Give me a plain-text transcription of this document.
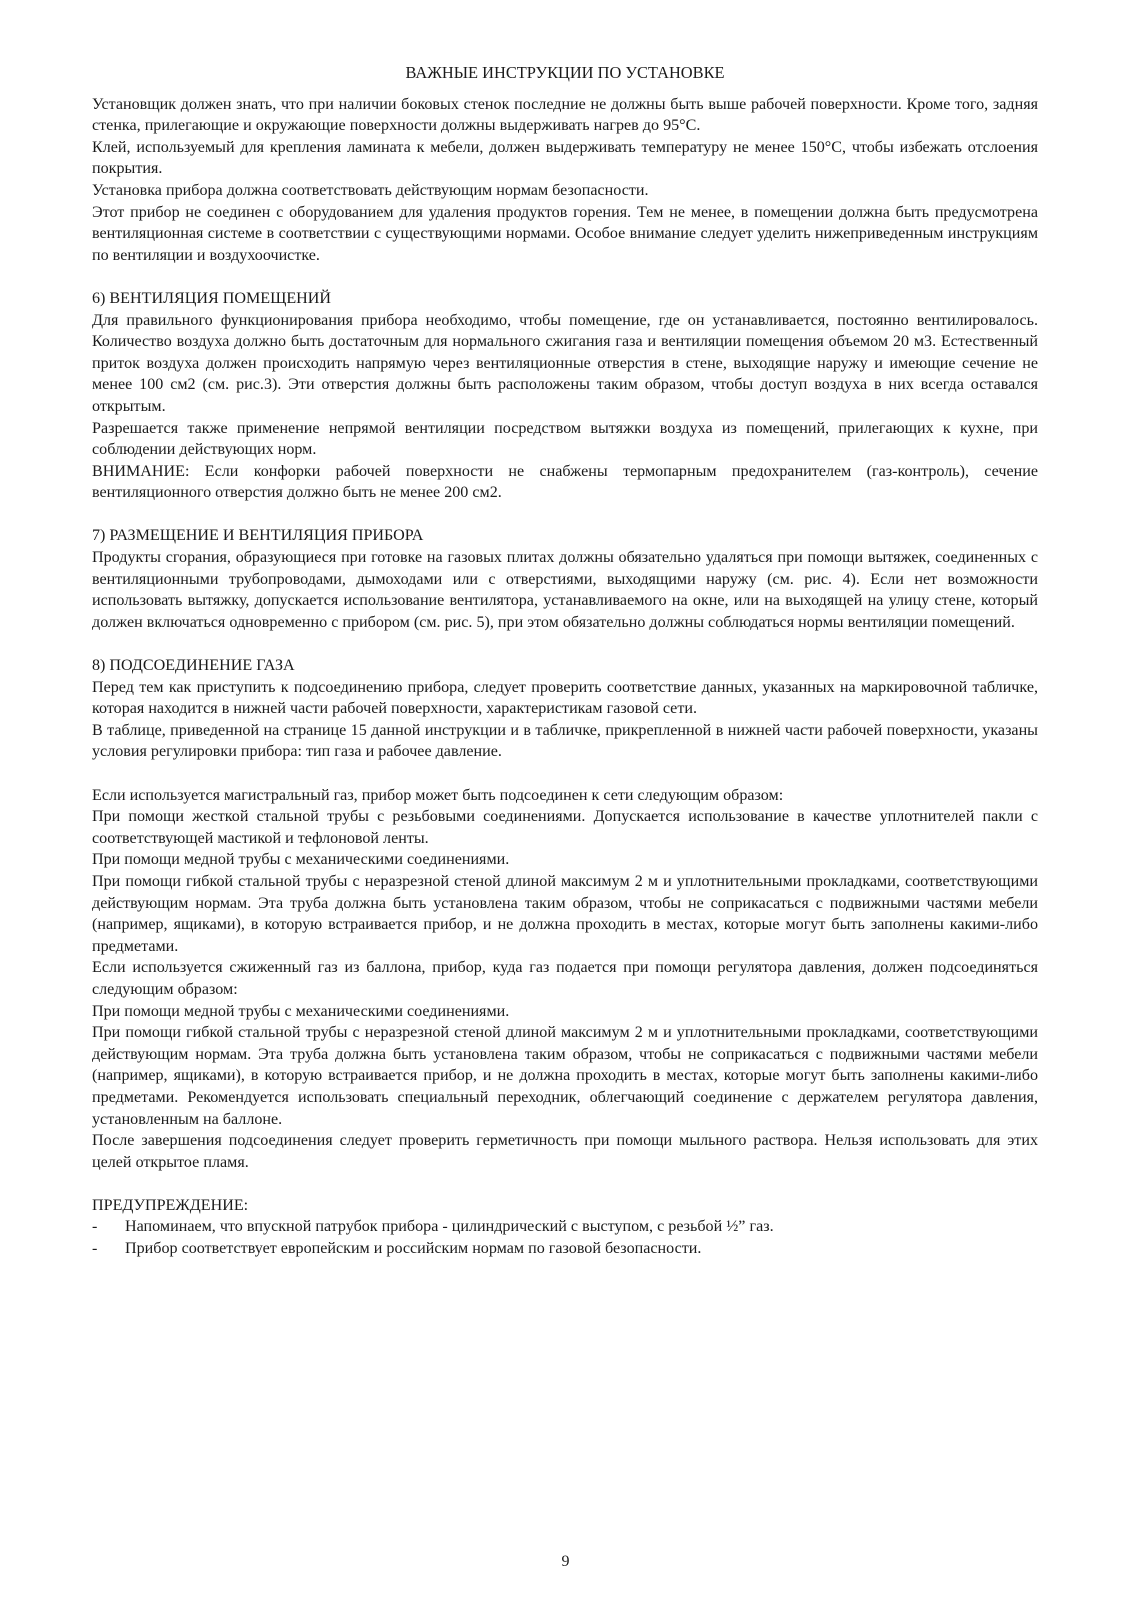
ВАЖНЫЕ ИНСТРУКЦИИ ПО УСТАНОВКЕ

Установщик должен знать, что при наличии боковых стенок последние не должны быть выше рабочей поверхности. Кроме того, задняя стенка, прилегающие и окружающие поверхности должны выдерживать нагрев до 95°С.

Клей, используемый для крепления ламината к мебели, должен выдерживать температуру не менее 150°С, чтобы избежать отслоения покрытия.

Установка прибора должна соответствовать действующим нормам безопасности.

Этот прибор не соединен с оборудованием для удаления продуктов горения. Тем не менее, в помещении должна быть предусмотрена вентиляционная системе в соответствии с существующими нормами. Особое внимание следует уделить нижеприведенным инструкциям по вентиляции и воздухоочистке.

6) ВЕНТИЛЯЦИЯ ПОМЕЩЕНИЙ

Для правильного функционирования прибора необходимо, чтобы помещение, где он устанавливается, постоянно вентилировалось. Количество воздуха должно быть достаточным для нормального сжигания газа и вентиляции помещения объемом 20 м3. Естественный приток воздуха должен происходить напрямую через вентиляционные отверстия в стене, выходящие наружу и имеющие сечение не менее 100 см2 (см. рис.3). Эти отверстия должны быть расположены таким образом, чтобы доступ воздуха в них всегда оставался открытым.

Разрешается также применение непрямой вентиляции посредством вытяжки воздуха из помещений, прилегающих к кухне, при соблюдении действующих норм.

ВНИМАНИЕ: Если конфорки рабочей поверхности не снабжены термопарным предохранителем (газ-контроль), сечение вентиляционного отверстия должно быть не менее 200 см2.

7) РАЗМЕЩЕНИЕ И ВЕНТИЛЯЦИЯ ПРИБОРА

Продукты сгорания, образующиеся при готовке на газовых плитах должны обязательно удаляться при помощи вытяжек, соединенных с вентиляционными трубопроводами, дымоходами или с отверстиями, выходящими наружу (см. рис. 4). Если нет возможности использовать вытяжку, допускается использование вентилятора, устанавливаемого на окне, или на выходящей на улицу стене, который должен включаться одновременно с прибором (см. рис. 5), при этом обязательно должны соблюдаться нормы вентиляции помещений.

8) ПОДСОЕДИНЕНИЕ ГАЗА

Перед тем как приступить к подсоединению прибора, следует проверить соответствие данных, указанных на маркировочной табличке, которая находится в нижней части рабочей поверхности, характеристикам газовой сети.

В таблице, приведенной на странице 15 данной инструкции и в табличке, прикрепленной в нижней части рабочей поверхности, указаны условия регулировки прибора: тип газа и рабочее давление.

Если используется магистральный газ, прибор может быть подсоединен к сети следующим образом:

При помощи жесткой стальной трубы с резьбовыми соединениями. Допускается использование в качестве уплотнителей пакли с соответствующей мастикой и тефлоновой ленты.

При помощи медной трубы с механическими соединениями.

При помощи гибкой стальной трубы с неразрезной стеной длиной максимум 2 м и уплотнительными прокладками, соответствующими действующим нормам. Эта труба должна быть установлена таким образом, чтобы не соприкасаться с подвижными частями мебели (например, ящиками), в которую встраивается прибор, и не должна проходить в местах, которые могут быть заполнены какими-либо предметами.

Если используется сжиженный газ из баллона, прибор, куда газ подается при помощи регулятора давления, должен подсоединяться следующим образом:

При помощи медной трубы с механическими соединениями.

При помощи гибкой стальной трубы с неразрезной стеной длиной максимум 2 м и уплотнительными прокладками, соответствующими действующим нормам. Эта труба должна быть установлена таким образом, чтобы не соприкасаться с подвижными частями мебели (например, ящиками), в которую встраивается прибор, и не должна проходить в местах, которые могут быть заполнены какими-либо предметами. Рекомендуется использовать специальный переходник, облегчающий соединение с держателем регулятора давления, установленным на баллоне.

После завершения подсоединения следует проверить герметичность при помощи мыльного раствора. Нельзя использовать для этих целей открытое пламя.

ПРЕДУПРЕЖДЕНИЕ:

- Напоминаем, что впускной патрубок прибора - цилиндрический с выступом, с резьбой ½” газ.

- Прибор соответствует европейским и российским нормам по газовой безопасности.

9
